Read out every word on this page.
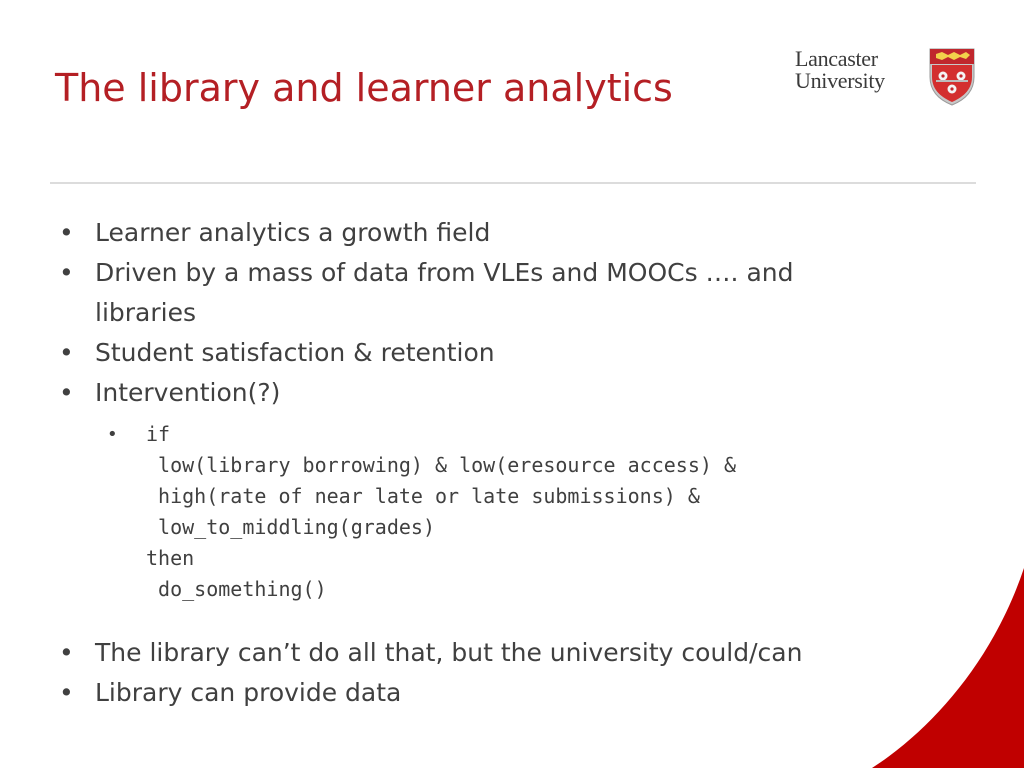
The library and learner analytics
Lancaster
University
• Learner analytics a growth field
• Driven by a mass of data from VLEs and MOOCs …. and
libraries
• Student satisfaction & retention
• Intervention(?)
• if
low(library borrowing) & low(eresource access) &
high(rate of near late or late submissions) &
low_to_middling(grades)
then
do_something()
• The library can’t do all that, but the university could/can
• Library can provide data
